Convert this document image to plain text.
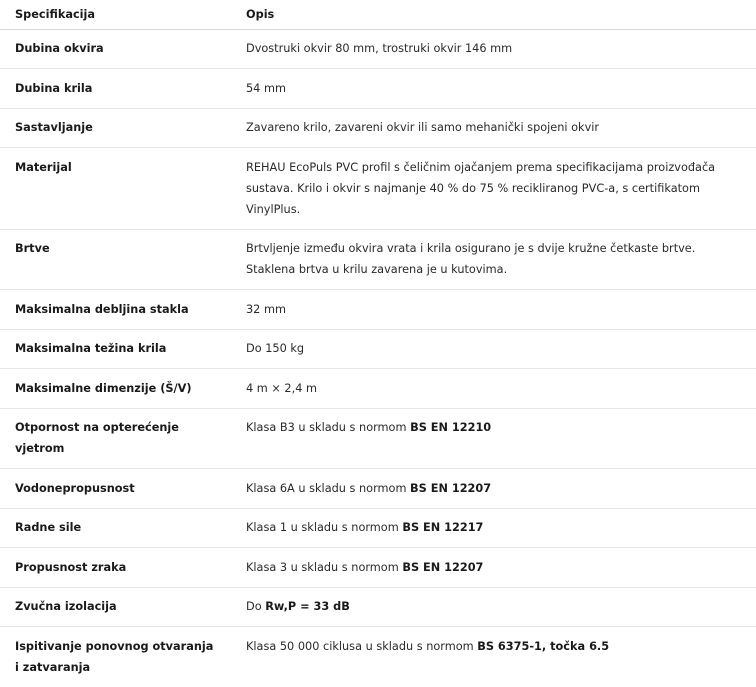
Specifikacija	Opis
Dubina okvira	Dvostruki okvir 80 mm, trostruki okvir 146 mm
Dubina krila	54 mm
Sastavljanje	Zavareno krilo, zavareni okvir ili samo mehanički spojeni okvir
Materijal	REHAU EcoPuls PVC profil s čeličnim ojačanjem prema specifikacijama proizvođača sustava. Krilo i okvir s najmanje 40 % do 75 % recikliranog PVC-a, s certifikatom VinylPlus.
Brtve	Brtvljenje između okvira vrata i krila osigurano je s dvije kružne četkaste brtve. Staklena brtva u krilu zavarena je u kutovima.
Maksimalna debljina stakla	32 mm
Maksimalna težina krila	Do 150 kg
Maksimalne dimenzije (Š/V)	4 m × 2,4 m
Otpornost na opterećenje vjetrom	Klasa B3 u skladu s normom BS EN 12210
Vodonepropusnost	Klasa 6A u skladu s normom BS EN 12207
Radne sile	Klasa 1 u skladu s normom BS EN 12217
Propusnost zraka	Klasa 3 u skladu s normom BS EN 12207
Zvučna izolacija	Do Rw,P = 33 dB
Ispitivanje ponovnog otvaranja i zatvaranja	Klasa 50 000 ciklusa u skladu s normom BS 6375-1, točka 6.5
